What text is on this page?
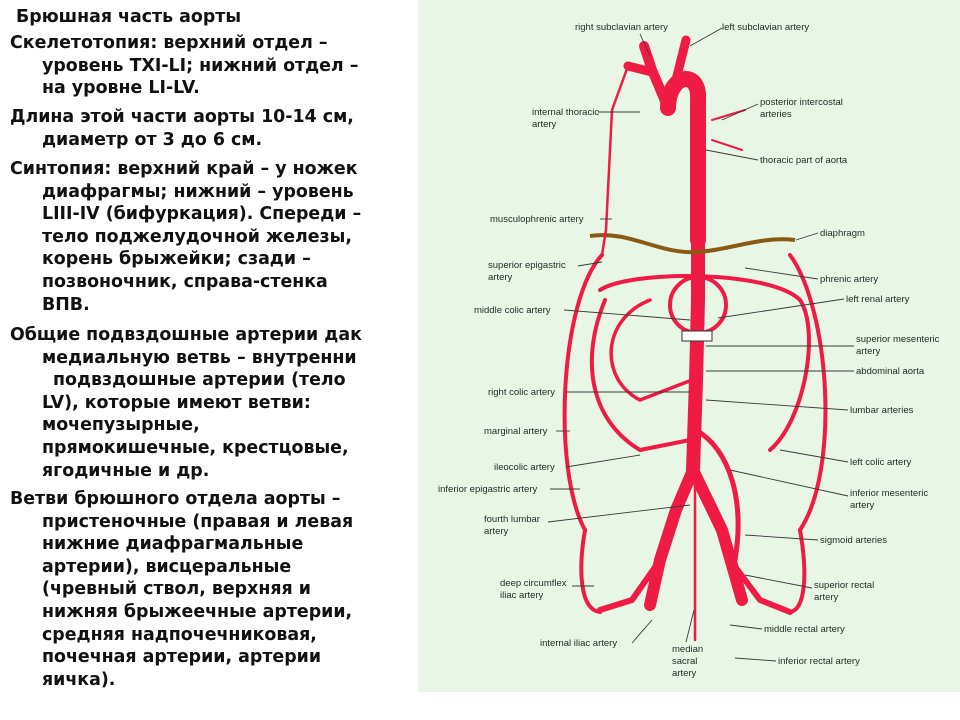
Брюшная часть аорты
Скелетотопия: верхний отдел –
уровень ТXI-LI; нижний отдел –
на уровне LI-LV.
Длина этой части аорты 10-14 см,
диаметр от 3 до 6 см.
Синтопия: верхний край – у ножек
диафрагмы; нижний – уровень
LIII-IV (бифуркация). Спереди –
тело поджелудочной железы,
корень брыжейки; сзади –
позвоночник, справа-стенка
ВПВ.
Общие подвздошные артерии дак
медиальную ветвь – внутренни
подвздошные артерии (тело
LV), которые имеют ветви:
мочепузырные,
прямокишечные, крестцовые,
ягодичные и др.
Ветви брюшного отдела аорты –
пристеночные (правая и левая
нижние диафрагмальные
артерии), висцеральные
(чревный ствол, верхняя и
нижняя брыжеечные артерии,
средняя надпочечниковая,
почечная артерии, артерии
яичка).
internal thoracic
artery
musculophrenic artery
superior epigastric
artery
middle colic artery
right colic artery
marginal artery
ileocolic artery
inferior epigastric artery
fourth lumbar
artery
deep circumflex
iliac artery
internal iliac artery
median
sacral
artery
right subclavian artery	left subclavian artery
posterior intercostal
arteries
thoracic part of aorta
diaphragm
phrenic artery
left renal artery
superior mesenteric
artery
abdominal aorta
lumbar arteries
left colic artery
inferior mesenteric
artery
sigmoid arteries
superior rectal
artery
middle rectal artery
inferior rectal artery
